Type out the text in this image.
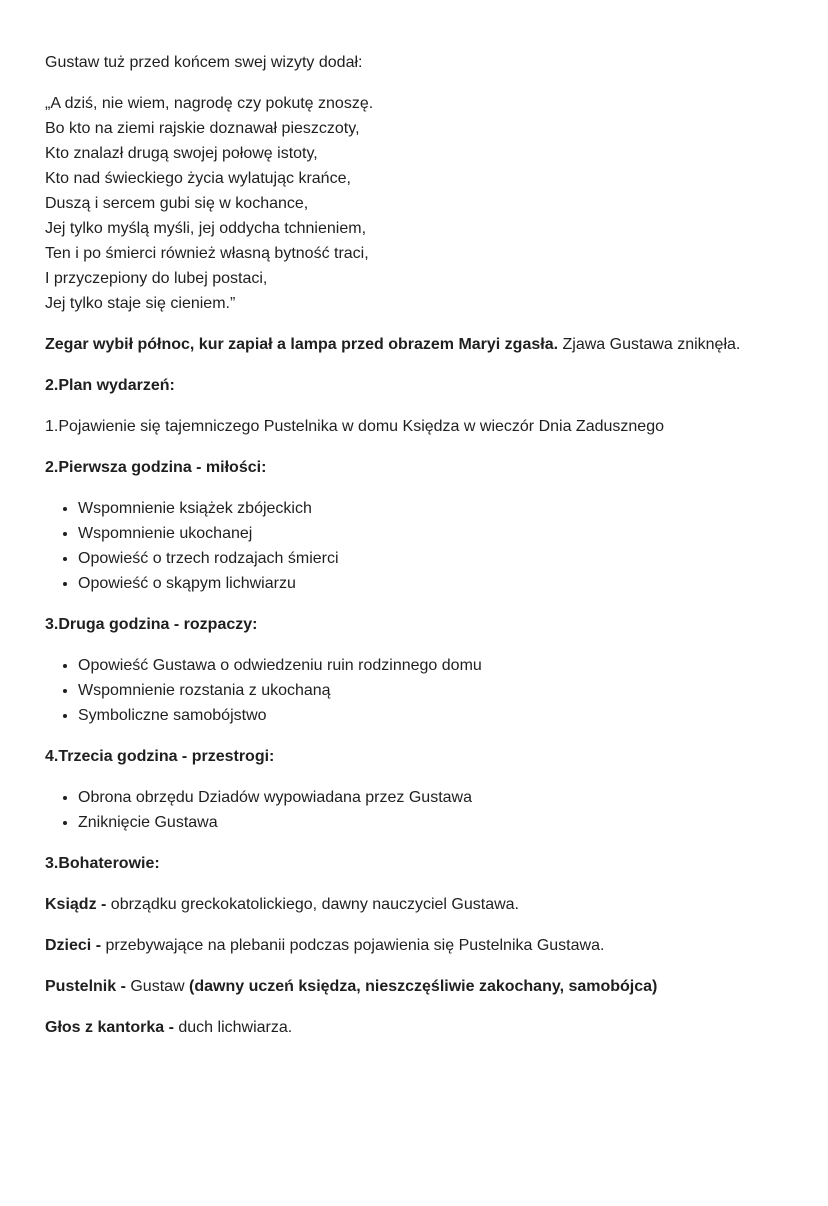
Gustaw tuż przed końcem swej wizyty dodał:

„A dziś, nie wiem, nagrodę czy pokutę znoszę.
Bo kto na ziemi rajskie doznawał pieszczoty,
Kto znalazł drugą swojej połowę istoty,
Kto nad świeckiego życia wylatując krańce,
Duszą i sercem gubi się w kochance,
Jej tylko myślą myśli, jej oddycha tchnieniem,
Ten i po śmierci również własną bytność traci,
I przyczepiony do lubej postaci,
Jej tylko staje się cieniem.”

Zegar wybił północ, kur zapiał a lampa przed obrazem Maryi zgasła. Zjawa Gustawa zniknęła.

2.Plan wydarzeń:

1.Pojawienie się tajemniczego Pustelnika w domu Księdza w wieczór Dnia Zadusznego

2.Pierwsza godzina - miłości:

• Wspomnienie książek zbójeckich
• Wspomnienie ukochanej
• Opowieść o trzech rodzajach śmierci
• Opowieść o skąpym lichwiarzu

3.Druga godzina - rozpaczy:

• Opowieść Gustawa o odwiedzeniu ruin rodzinnego domu
• Wspomnienie rozstania z ukochaną
• Symboliczne samobójstwo

4.Trzecia godzina - przestrogi:

• Obrona obrzędu Dziadów wypowiadana przez Gustawa
• Zniknięcie Gustawa

3.Bohaterowie:

Ksiądz - obrządku greckokatolickiego, dawny nauczyciel Gustawa.

Dzieci - przebywające na plebanii podczas pojawienia się Pustelnika Gustawa.

Pustelnik - Gustaw (dawny uczeń księdza, nieszczęśliwie zakochany, samobójca)

Głos z kantorka - duch lichwiarza.
